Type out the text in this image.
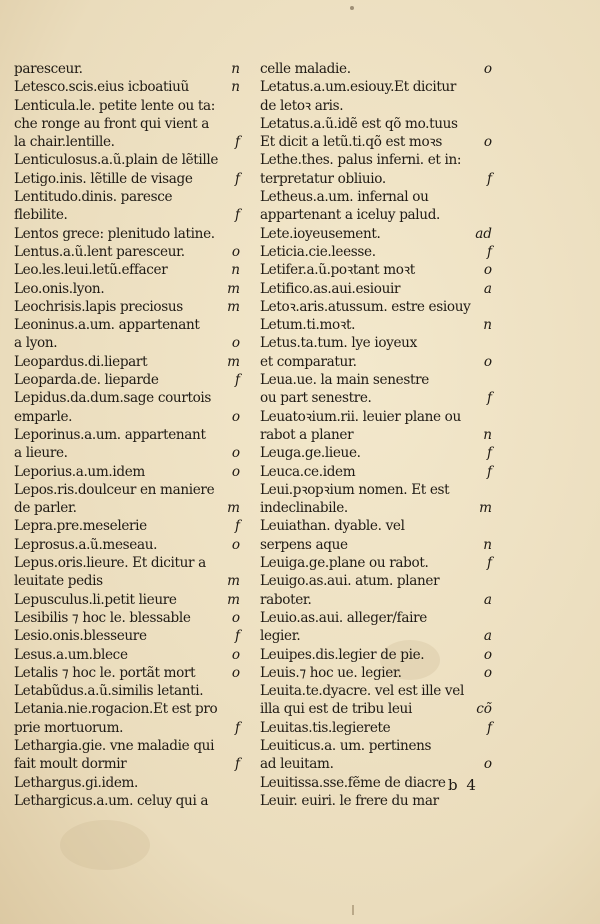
paresceur.	n
Letesco.scis.eius icboatiuũ	n
Lenticula.le. petite lente ou ta:
che ronge au front qui vient a
la chair.lentille.	f
Lenticulosus.a.ũ.plain de lẽtille
Letigo.inis. lẽtille de visage	f
Lentitudo.dinis. paresce
flebilite.	f
Lentos grece: plenitudo latine.
Lentus.a.ũ.lent paresceur.	o
Leo.les.leui.letũ.effacer	n
Leo.onis.lyon.	m
Leochrisis.lapis preciosus	m
Leoninus.a.um. appartenant
a lyon.	o
Leopardus.di.liepart	m
Leoparda.de. lieparde	f
Lepidus.da.dum.sage courtois
emparle.	o
Leporinus.a.um. appartenant
a lieure.	o
Leporius.a.um.idem	o
Lepos.ris.doulceur en maniere
de parler.	m
Lepra.pre.meselerie	f
Leprosus.a.ũ.meseau.	o
Lepus.oris.lieure. Et dicitur a
leuitate pedis	m
Lepusculus.li.petit lieure	m
Lesibilis ⁊ hoc le. blessable	o
Lesio.onis.blesseure	f
Lesus.a.um.blece	o
Letalis ⁊ hoc le. portãt mort	o
Letabũdus.a.ũ.similis letanti.
Letania.nie.rogacion.Et est pro
prie mortuorum.	f
Lethargia.gie. vne maladie qui
fait moult dormir	f
Lethargus.gi.idem.
Lethargicus.a.um. celuy qui a
celle maladie.	o
Letatus.a.um.esiouy.Et dicitur
de letoꝛ aris.
Letatus.a.ũ.idẽ est qõ mo.tuus
Et dicit a letũ.ti.qõ est moꝛs	o
Lethe.thes. palus inferni. et in:
terpretatur obliuio.	f
Letheus.a.um. infernal ou
appartenant a iceluy palud.
Lete.ioyeusement.	ad
Leticia.cie.leesse.	f
Letifer.a.ũ.poꝛtant moꝛt	o
Letifico.as.aui.esiouir	a
Letoꝛ.aris.atussum. estre esiouy
Letum.ti.moꝛt.	n
Letus.ta.tum. lye ioyeux
et comparatur.	o
Leua.ue. la main senestre
ou part senestre.	f
Leuatoꝛium.rii. leuier plane ou
rabot a planer	n
Leuga.ge.lieue.	f
Leuca.ce.idem	f
Leui.pꝛopꝛium nomen. Et est
indeclinabile.	m
Leuiathan. dyable. vel
serpens aque	n
Leuiga.ge.plane ou rabot.	f
Leuigo.as.aui. atum. planer
raboter.	a
Leuio.as.aui. alleger/faire
legier.	a
Leuipes.dis.legier de pie.	o
Leuis.⁊ hoc ue. legier.	o
Leuita.te.dyacre. vel est ille vel
illa qui est de tribu leui	cõ
Leuitas.tis.legierete	f
Leuiticus.a. um. pertinens
ad leuitam.	o
Leuitissa.sse.fẽme de diacre
Leuir. euiri. le frere du mar
b 4
